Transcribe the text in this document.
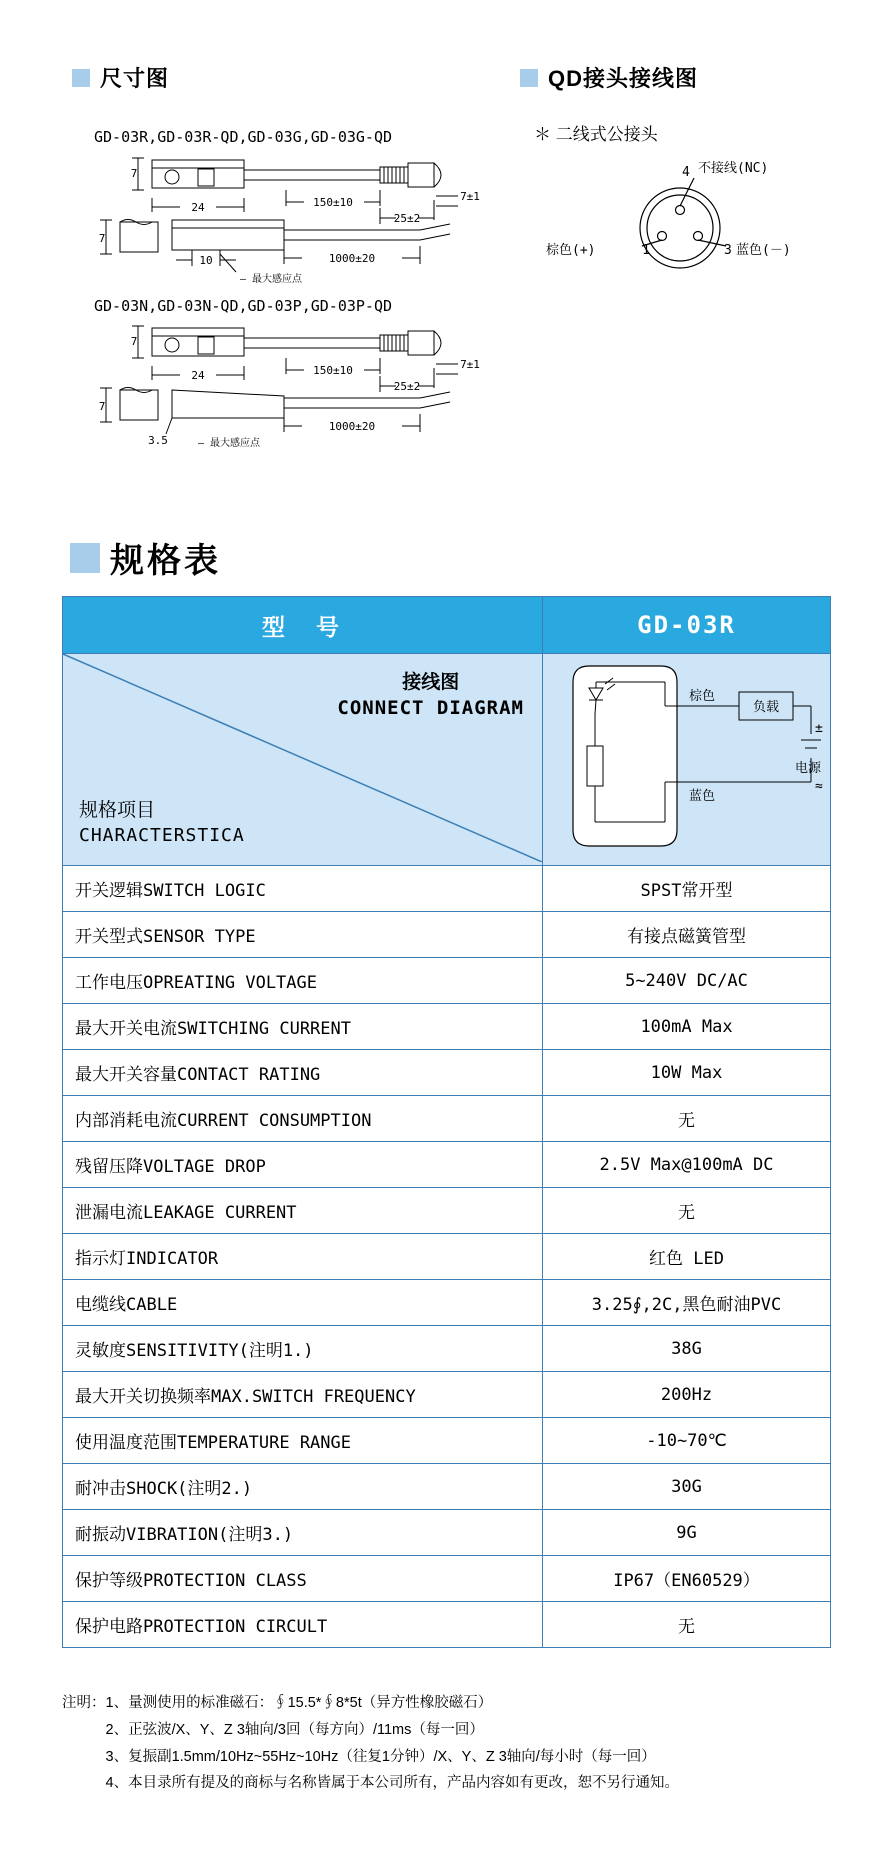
尺寸图	QD接头接线图
＊ 二线式公接头
GD-03R,GD-03R-QD,GD-03G,GD-03G-QD
GD-03N,GD-03N-QD,GD-03P,GD-03P-QD
7
24	150±10
7
10	1000±20
25±2
7±1
— 最大感应点
7
24	150±10
7
3.5
1000±20
25±2
7±1
— 最大感应点
4 不接线(NC)
1
棕色(+)	3 蓝色(－)
规格表
型　号	GD-03R

接线图
CONNECT DIAGRAM
规格项目
CHARACTERSTICA

棕色
蓝色
负载
±
电源
≈

开关逻辑SWITCH LOGIC	SPST常开型
开关型式SENSOR TYPE	有接点磁簧管型
工作电压OPREATING VOLTAGE	5~240V DC/AC
最大开关电流SWITCHING CURRENT	100mA Max
最大开关容量CONTACT RATING	10W Max
内部消耗电流CURRENT CONSUMPTION	无
残留压降VOLTAGE DROP	2.5V Max@100mA DC
泄漏电流LEAKAGE CURRENT	无
指示灯INDICATOR	红色 LED
电缆线CABLE	3.25∮,2C,黑色耐油PVC
灵敏度SENSITIVITY(注明1.)	38G
最大开关切换频率MAX.SWITCH FREQUENCY	200Hz
使用温度范围TEMPERATURE RANGE	-10~70℃
耐冲击SHOCK(注明2.)	30G
耐振动VIBRATION(注明3.)	9G
保护等级PROTECTION CLASS	IP67（EN60529）
保护电路PROTECTION CIRCULT	无
注明：1、量测使用的标准磁石：∮15.5*∮8*5t（异方性橡胶磁石）
　　　2、正弦波/X、Y、Z 3轴向/3回（每方向）/11ms（每一回）
　　　3、复振副1.5mm/10Hz~55Hz~10Hz（往复1分钟）/X、Y、Z 3轴向/每小时（每一回）
　　　4、本目录所有提及的商标与名称皆属于本公司所有，产品内容如有更改，恕不另行通知。
